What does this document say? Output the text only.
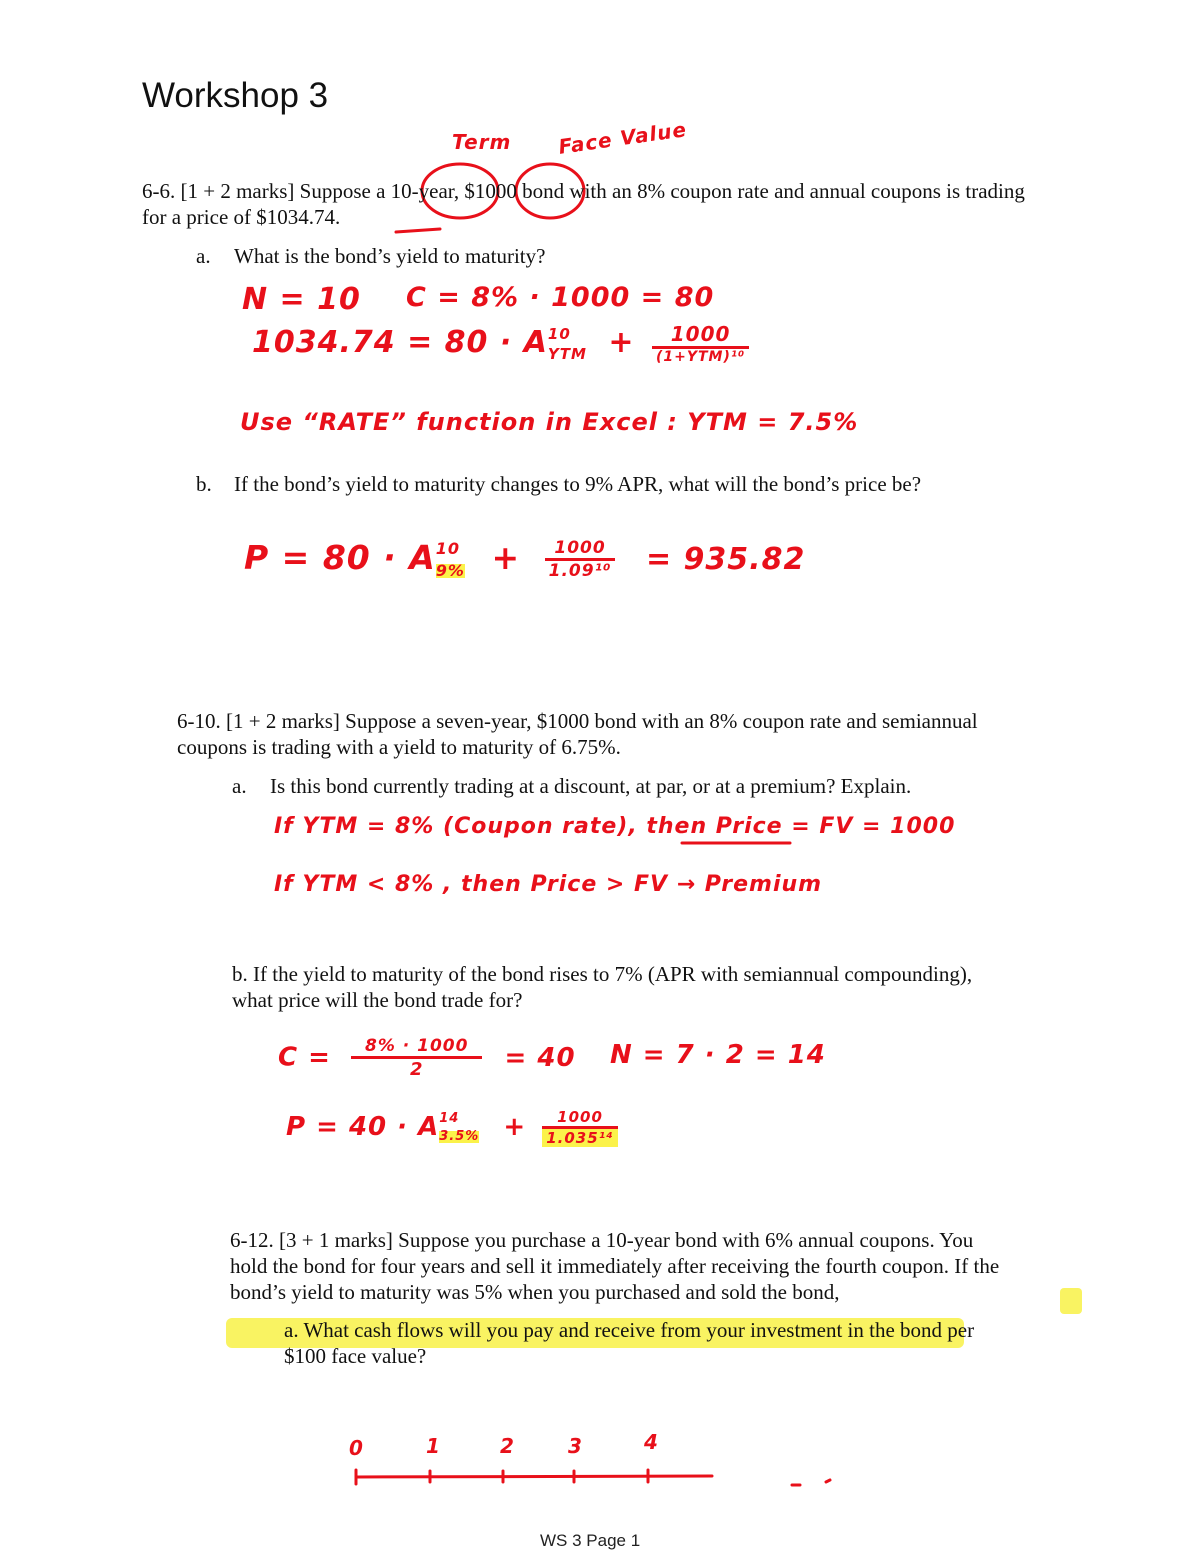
Workshop 3
Term Face Value
6-6. [1 + 2 marks] Suppose a 10-year, $1000 bond with an 8% coupon rate and annual coupons is trading
for a price of $1034.74.
a. What is the bond’s yield to maturity?
N = 10 C = 8% · 1000 = 80
1034.74 = 80 · A 10
YTM + $\frac{1000}{\text{(1+YTM)¹⁰}}$
Use “RATE” function in Excel : YTM = 7.5%
b. If the bond’s yield to maturity changes to 9% APR, what will the bond’s price be?
P = 80 · A 10
$9\% + \frac{1000}{\text{1.09¹⁰}} = 935.82$
6-10. [1 + 2 marks] Suppose a seven-year, $1000 bond with an 8% coupon rate and semiannual
coupons is trading with a yield to maturity of 6.75%.
a. Is this bond currently trading at a discount, at par, or at a premium? Explain.
If YTM = 8% (Coupon rate), then Price = FV = 1000
If YTM < 8% , then Price > FV → Premium
b. If the yield to maturity of the bond rises to 7% (APR with semiannual compounding),
what price will the bond trade for?
$C = \frac{8\% \cdot 1000}{2} = 40$ N = 7 · 2 = 14
P = 40 · A 14
$3.5\% + \frac{1000}{\text{1.035¹⁴}}$
6-12. [3 + 1 marks] Suppose you purchase a 10-year bond with 6% annual coupons. You
hold the bond for four years and sell it immediately after receiving the fourth coupon. If the
bond’s yield to maturity was 5% when you purchased and sold the bond,
a. What cash flows will you pay and receive from your investment in the bond per
$100 face value?
0	1	2	3	4
WS 3 Page 1
